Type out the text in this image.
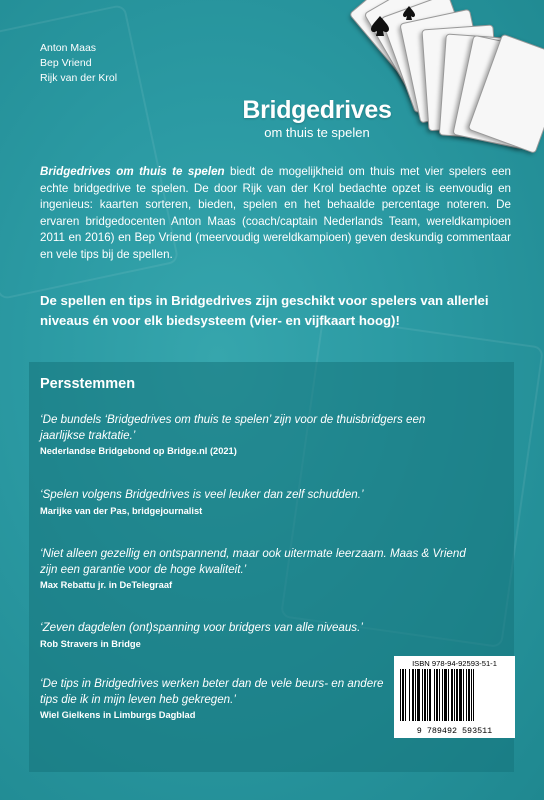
Anton Maas
Bep Vriend
Rijk van der Krol
Bridgedrives
om thuis te spelen
Bridgedrives om thuis te spelen biedt de mogelijkheid om thuis met vier spelers een echte bridgedrive te spelen. De door Rijk van der Krol bedachte opzet is eenvoudig en ingenieus: kaarten sorteren, bieden, spelen en het behaalde percentage noteren. De ervaren bridgedocenten Anton Maas (coach/captain Nederlands Team, wereldkampioen 2011 en 2016) en Bep Vriend (meervoudig wereldkampioen) geven deskundig commentaar en vele tips bij de spellen.
De spellen en tips in Bridgedrives zijn geschikt voor spelers van allerlei niveaus én voor elk biedsysteem (vier- en vijfkaart hoog)!
Persstemmen
‘De bundels ‘Bridgedrives om thuis te spelen’ zijn voor de thuisbridgers een jaarlijkse traktatie.’
Nederlandse Bridgebond op Bridge.nl (2021)
‘Spelen volgens Bridgedrives is veel leuker dan zelf schudden.’
Marijke van der Pas, bridgejournalist
‘Niet alleen gezellig en ontspannend, maar ook uitermate leerzaam. Maas & Vriend zijn een garantie voor de hoge kwaliteit.’
Max Rebattu jr. in DeTelegraaf
‘Zeven dagdelen (ont)spanning voor bridgers van alle niveaus.’
Rob Stravers in Bridge
‘De tips in Bridgedrives werken beter dan de vele beurs- en andere tips die ik in mijn leven heb gekregen.’
Wiel Gielkens in Limburgs Dagblad
ISBN 978-94-92593-51-1
9 789492 593511
